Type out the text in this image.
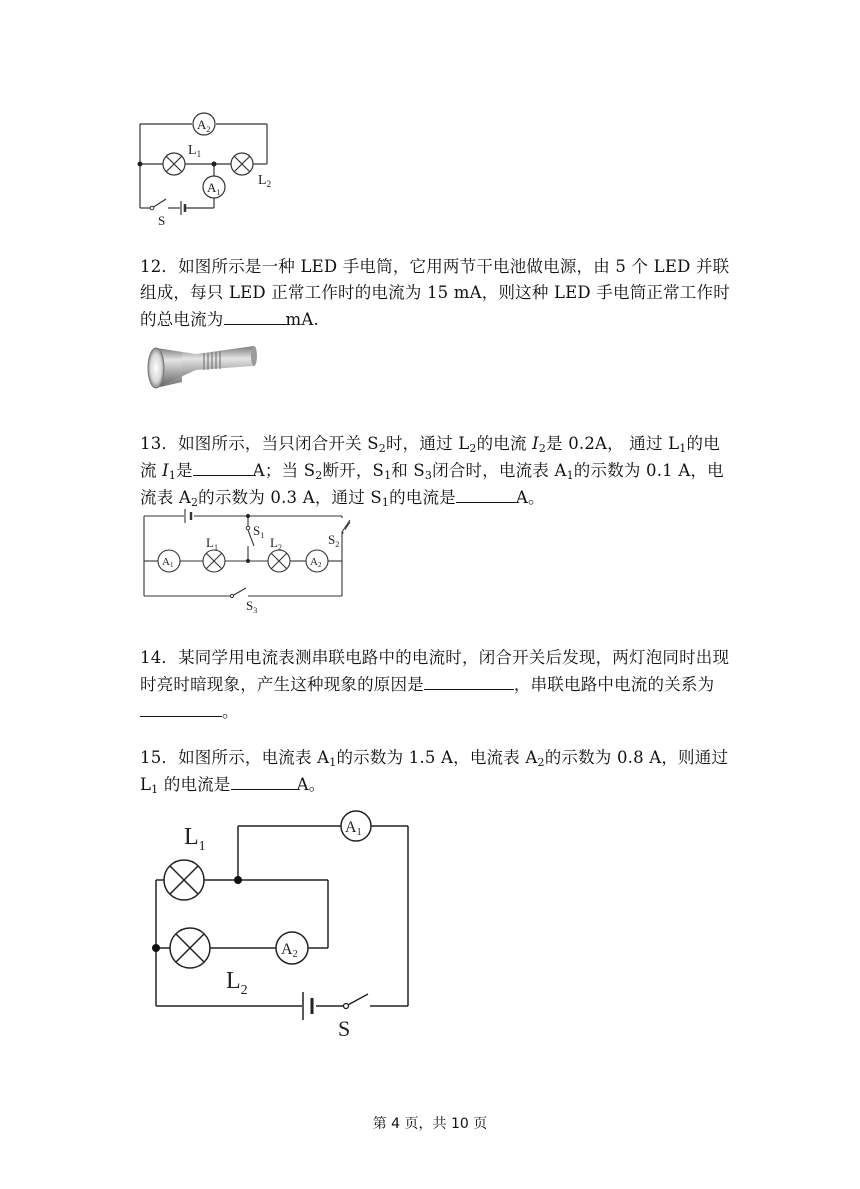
$A_2$
$L_1$
$L_2$
$A_1$
S
12．如图所示是一种 LED 手电筒，它用两节干电池做电源，由 5 个 LED 并联组成，每只 LED 正常工作时的电流为 15 mA，则这种 LED 手电筒正常工作时的总电流为	mA.
13．如图所示，当只闭合开关 $S_2$时，通过 $L_2$的电流 $I_2$是 0.2A， 通过 $L_1$的电流 $I_1$是	A；当 $S_2$断开，$S_1$和 $S_3$闭合时，电流表 $A_1$的示数为 0.1 A，电流表 $A_2$的示数为 0.3 A，通过 $S_1$的电流是	A。
A1
$L_1$
$S_1$ $L_2$
A2
$S_2$
$S_3$
14．某同学用电流表测串联电路中的电流时，闭合开关后发现，两灯泡同时出现时亮时暗现象，产生这种现象的原因是	，串联电路中电流的关系为。
15．如图所示，电流表 $A_1$的示数为 1.5 A，电流表 $A_2$的示数为 0.8 A，则通过 $L_1$ 的电流是	A。
$L_1$
A1
$L_2$
A2
S
第 4 页，共 10 页
